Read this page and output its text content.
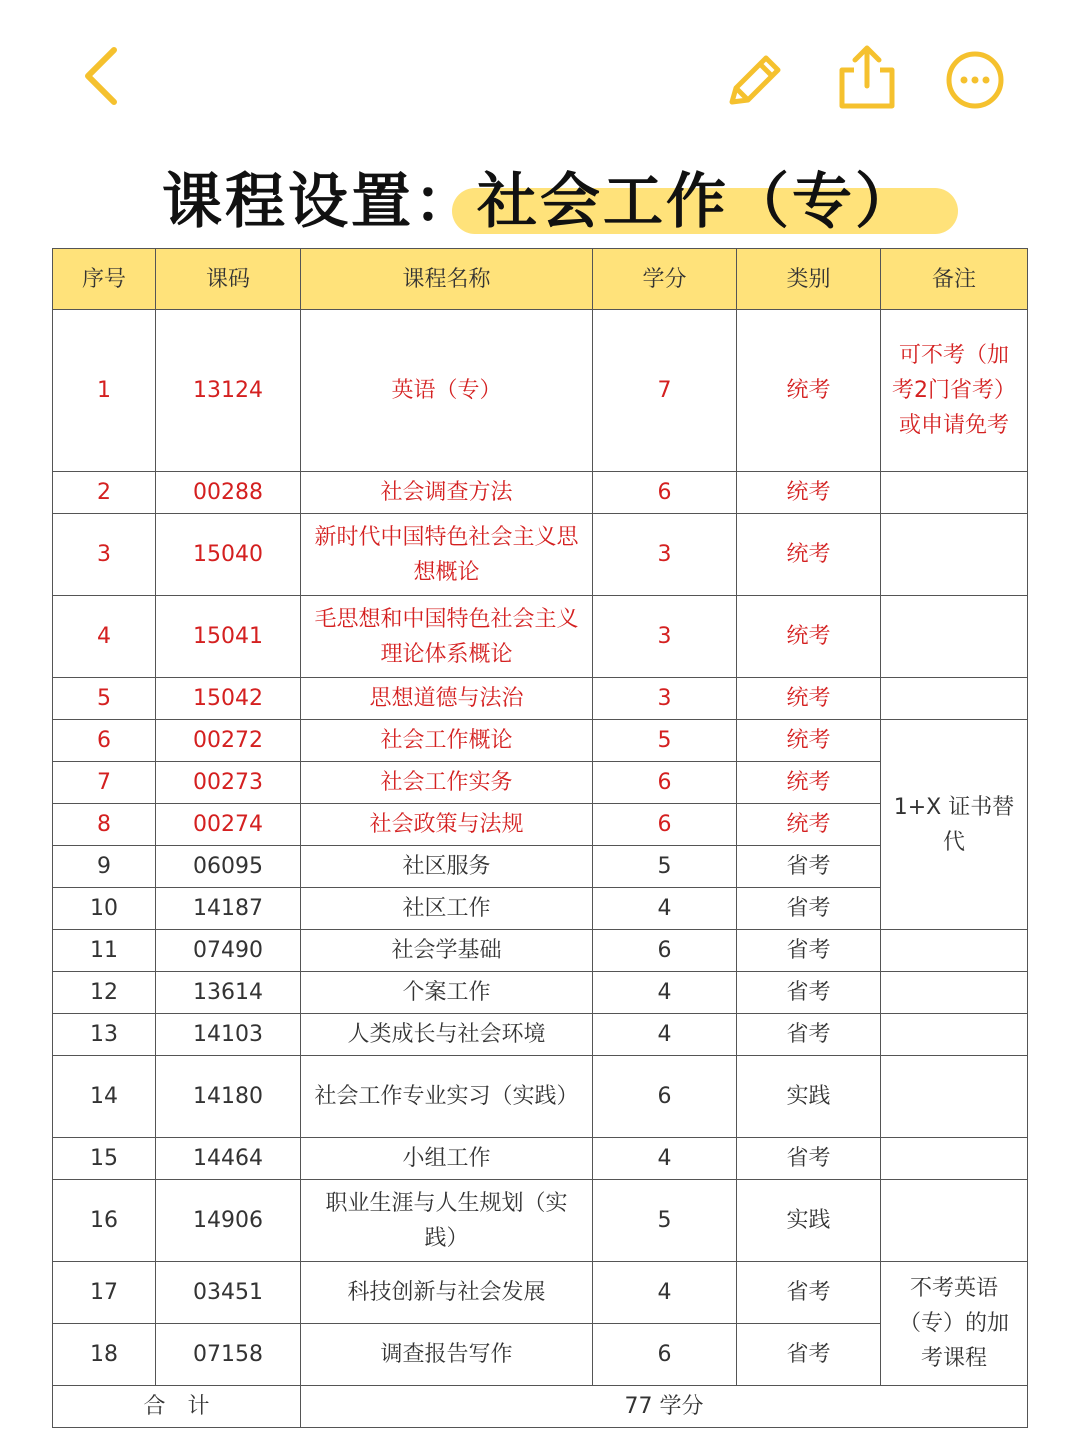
课程设置：社会工作（专）
序号	课码	课程名称	学分	类别	备注
1	13124	英语（专）	7	统考	可不考（加考2门省考）或申请免考
2	00288	社会调查方法	6	统考	
3	15040	新时代中国特色社会主义思想概论	3	统考	
4	15041	毛思想和中国特色社会主义理论体系概论	3	统考	
5	15042	思想道德与法治	3	统考	
6	00272	社会工作概论	5	统考	1+X 证书替代
7	00273	社会工作实务	6	统考	
8	00274	社会政策与法规	6	统考	
9	06095	社区服务	5	省考	
10	14187	社区工作	4	省考	
11	07490	社会学基础	6	省考	
12	13614	个案工作	4	省考	
13	14103	人类成长与社会环境	4	省考	
14	14180	社会工作专业实习（实践）	6	实践	
15	14464	小组工作	4	省考	
16	14906	职业生涯与人生规划（实践）	5	实践	
17	03451	科技创新与社会发展	4	省考	不考英语（专）的加考课程
18	07158	调查报告写作	6	省考	
合　计		77 学分			
